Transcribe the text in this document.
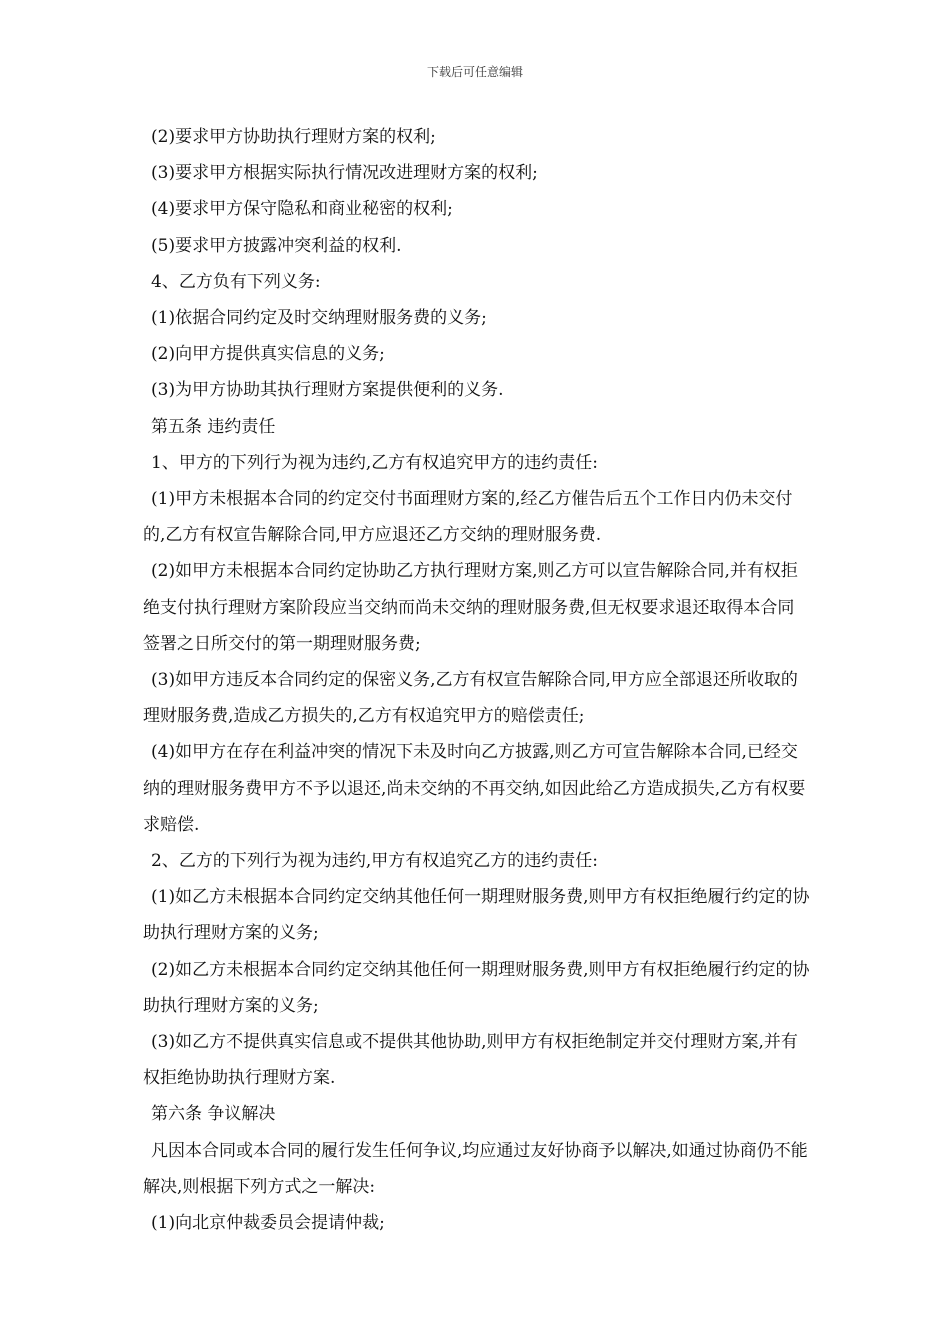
下载后可任意编辑

(2)要求甲方协助执行理财方案的权利;

(3)要求甲方根据实际执行情况改进理财方案的权利;

(4)要求甲方保守隐私和商业秘密的权利;

(5)要求甲方披露冲突利益的权利.

4、乙方负有下列义务:

(1)依据合同约定及时交纳理财服务费的义务;

(2)向甲方提供真实信息的义务;

(3)为甲方协助其执行理财方案提供便利的义务.

第五条 违约责任

1、甲方的下列行为视为违约,乙方有权追究甲方的违约责任:

(1)甲方未根据本合同的约定交付书面理财方案的,经乙方催告后五个工作日内仍未交付的,乙方有权宣告解除合同,甲方应退还乙方交纳的理财服务费.

(2)如甲方未根据本合同约定协助乙方执行理财方案,则乙方可以宣告解除合同,并有权拒绝支付执行理财方案阶段应当交纳而尚未交纳的理财服务费,但无权要求退还取得本合同签署之日所交付的第一期理财服务费;

(3)如甲方违反本合同约定的保密义务,乙方有权宣告解除合同,甲方应全部退还所收取的理财服务费,造成乙方损失的,乙方有权追究甲方的赔偿责任;

(4)如甲方在存在利益冲突的情况下未及时向乙方披露,则乙方可宣告解除本合同,已经交纳的理财服务费甲方不予以退还,尚未交纳的不再交纳,如因此给乙方造成损失,乙方有权要求赔偿.

2、乙方的下列行为视为违约,甲方有权追究乙方的违约责任:

(1)如乙方未根据本合同约定交纳其他任何一期理财服务费,则甲方有权拒绝履行约定的协助执行理财方案的义务;

(2)如乙方未根据本合同约定交纳其他任何一期理财服务费,则甲方有权拒绝履行约定的协助执行理财方案的义务;

(3)如乙方不提供真实信息或不提供其他协助,则甲方有权拒绝制定并交付理财方案,并有权拒绝协助执行理财方案.

第六条 争议解决

凡因本合同或本合同的履行发生任何争议,均应通过友好协商予以解决,如通过协商仍不能解决,则根据下列方式之一解决:

(1)向北京仲裁委员会提请仲裁;
